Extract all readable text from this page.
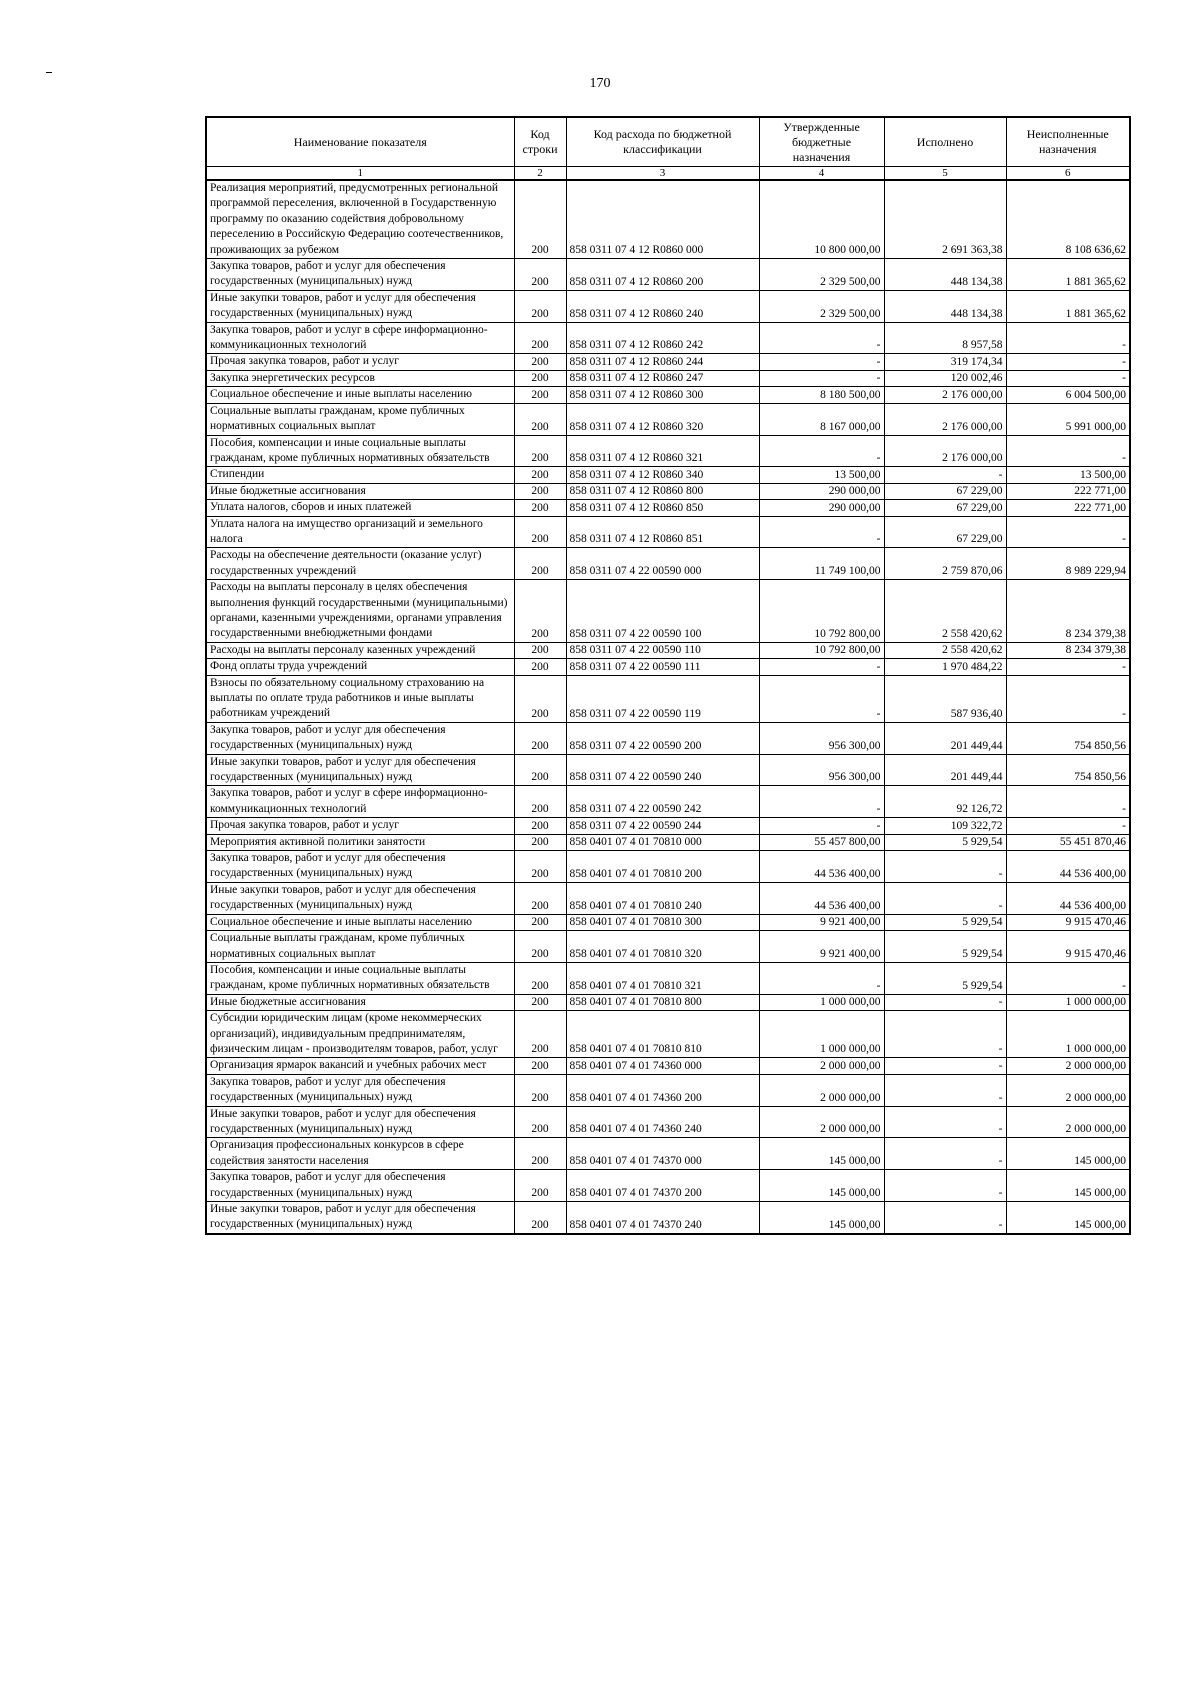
170
Наименование показателя	Код строки	Код расхода по бюджетной классификации	Утвержденные бюджетные назначения	Исполнено	Неисполненные назначения
1	2	3	4	5	6
Реализация мероприятий, предусмотренных региональной программой переселения, включенной в Государственную программу по оказанию содействия добровольному переселению в Российскую Федерацию соотечественников, проживающих за рубежом	200	858 0311 07 4 12 R0860 000	10 800 000,00	2 691 363,38	8 108 636,62
Закупка товаров, работ и услуг для обеспечения государственных (муниципальных) нужд	200	858 0311 07 4 12 R0860 200	2 329 500,00	448 134,38	1 881 365,62
Иные закупки товаров, работ и услуг для обеспечения государственных (муниципальных) нужд	200	858 0311 07 4 12 R0860 240	2 329 500,00	448 134,38	1 881 365,62
Закупка товаров, работ и услуг в сфере информационно-коммуникационных технологий	200	858 0311 07 4 12 R0860 242	-	8 957,58	-
Прочая закупка товаров, работ и услуг	200	858 0311 07 4 12 R0860 244	-	319 174,34	-
Закупка энергетических ресурсов	200	858 0311 07 4 12 R0860 247	-	120 002,46	-
Социальное обеспечение и иные выплаты населению	200	858 0311 07 4 12 R0860 300	8 180 500,00	2 176 000,00	6 004 500,00
Социальные выплаты гражданам, кроме публичных нормативных социальных выплат	200	858 0311 07 4 12 R0860 320	8 167 000,00	2 176 000,00	5 991 000,00
Пособия, компенсации и иные социальные выплаты гражданам, кроме публичных нормативных обязательств	200	858 0311 07 4 12 R0860 321	-	2 176 000,00	-
Стипендии	200	858 0311 07 4 12 R0860 340	13 500,00	-	13 500,00
Иные бюджетные ассигнования	200	858 0311 07 4 12 R0860 800	290 000,00	67 229,00	222 771,00
Уплата налогов, сборов и иных платежей	200	858 0311 07 4 12 R0860 850	290 000,00	67 229,00	222 771,00
Уплата налога на имущество организаций и земельного налога	200	858 0311 07 4 12 R0860 851	-	67 229,00	-
Расходы на обеспечение деятельности (оказание услуг) государственных учреждений	200	858 0311 07 4 22 00590 000	11 749 100,00	2 759 870,06	8 989 229,94
Расходы на выплаты персоналу в целях обеспечения выполнения функций государственными (муниципальными) органами, казенными учреждениями, органами управления государственными внебюджетными фондами	200	858 0311 07 4 22 00590 100	10 792 800,00	2 558 420,62	8 234 379,38
Расходы на выплаты персоналу казенных учреждений	200	858 0311 07 4 22 00590 110	10 792 800,00	2 558 420,62	8 234 379,38
Фонд оплаты труда учреждений	200	858 0311 07 4 22 00590 111	-	1 970 484,22	-
Взносы по обязательному социальному страхованию на выплаты по оплате труда работников и иные выплаты работникам учреждений	200	858 0311 07 4 22 00590 119	-	587 936,40	-
Закупка товаров, работ и услуг для обеспечения государственных (муниципальных) нужд	200	858 0311 07 4 22 00590 200	956 300,00	201 449,44	754 850,56
Иные закупки товаров, работ и услуг для обеспечения государственных (муниципальных) нужд	200	858 0311 07 4 22 00590 240	956 300,00	201 449,44	754 850,56
Закупка товаров, работ и услуг в сфере информационно-коммуникационных технологий	200	858 0311 07 4 22 00590 242	-	92 126,72	-
Прочая закупка товаров, работ и услуг	200	858 0311 07 4 22 00590 244	-	109 322,72	-
Мероприятия активной политики занятости	200	858 0401 07 4 01 70810 000	55 457 800,00	5 929,54	55 451 870,46
Закупка товаров, работ и услуг для обеспечения государственных (муниципальных) нужд	200	858 0401 07 4 01 70810 200	44 536 400,00	-	44 536 400,00
Иные закупки товаров, работ и услуг для обеспечения государственных (муниципальных) нужд	200	858 0401 07 4 01 70810 240	44 536 400,00	-	44 536 400,00
Социальное обеспечение и иные выплаты населению	200	858 0401 07 4 01 70810 300	9 921 400,00	5 929,54	9 915 470,46
Социальные выплаты гражданам, кроме публичных нормативных социальных выплат	200	858 0401 07 4 01 70810 320	9 921 400,00	5 929,54	9 915 470,46
Пособия, компенсации и иные социальные выплаты гражданам, кроме публичных нормативных обязательств	200	858 0401 07 4 01 70810 321	-	5 929,54	-
Иные бюджетные ассигнования	200	858 0401 07 4 01 70810 800	1 000 000,00	-	1 000 000,00
Субсидии юридическим лицам (кроме некоммерческих организаций), индивидуальным предпринимателям, физическим лицам - производителям товаров, работ, услуг	200	858 0401 07 4 01 70810 810	1 000 000,00	-	1 000 000,00
Организация ярмарок вакансий и учебных рабочих мест	200	858 0401 07 4 01 74360 000	2 000 000,00	-	2 000 000,00
Закупка товаров, работ и услуг для обеспечения государственных (муниципальных) нужд	200	858 0401 07 4 01 74360 200	2 000 000,00	-	2 000 000,00
Иные закупки товаров, работ и услуг для обеспечения государственных (муниципальных) нужд	200	858 0401 07 4 01 74360 240	2 000 000,00	-	2 000 000,00
Организация профессиональных конкурсов в сфере содействия занятости населения	200	858 0401 07 4 01 74370 000	145 000,00	-	145 000,00
Закупка товаров, работ и услуг для обеспечения государственных (муниципальных) нужд	200	858 0401 07 4 01 74370 200	145 000,00	-	145 000,00
Иные закупки товаров, работ и услуг для обеспечения государственных (муниципальных) нужд	200	858 0401 07 4 01 74370 240	145 000,00	-	145 000,00
